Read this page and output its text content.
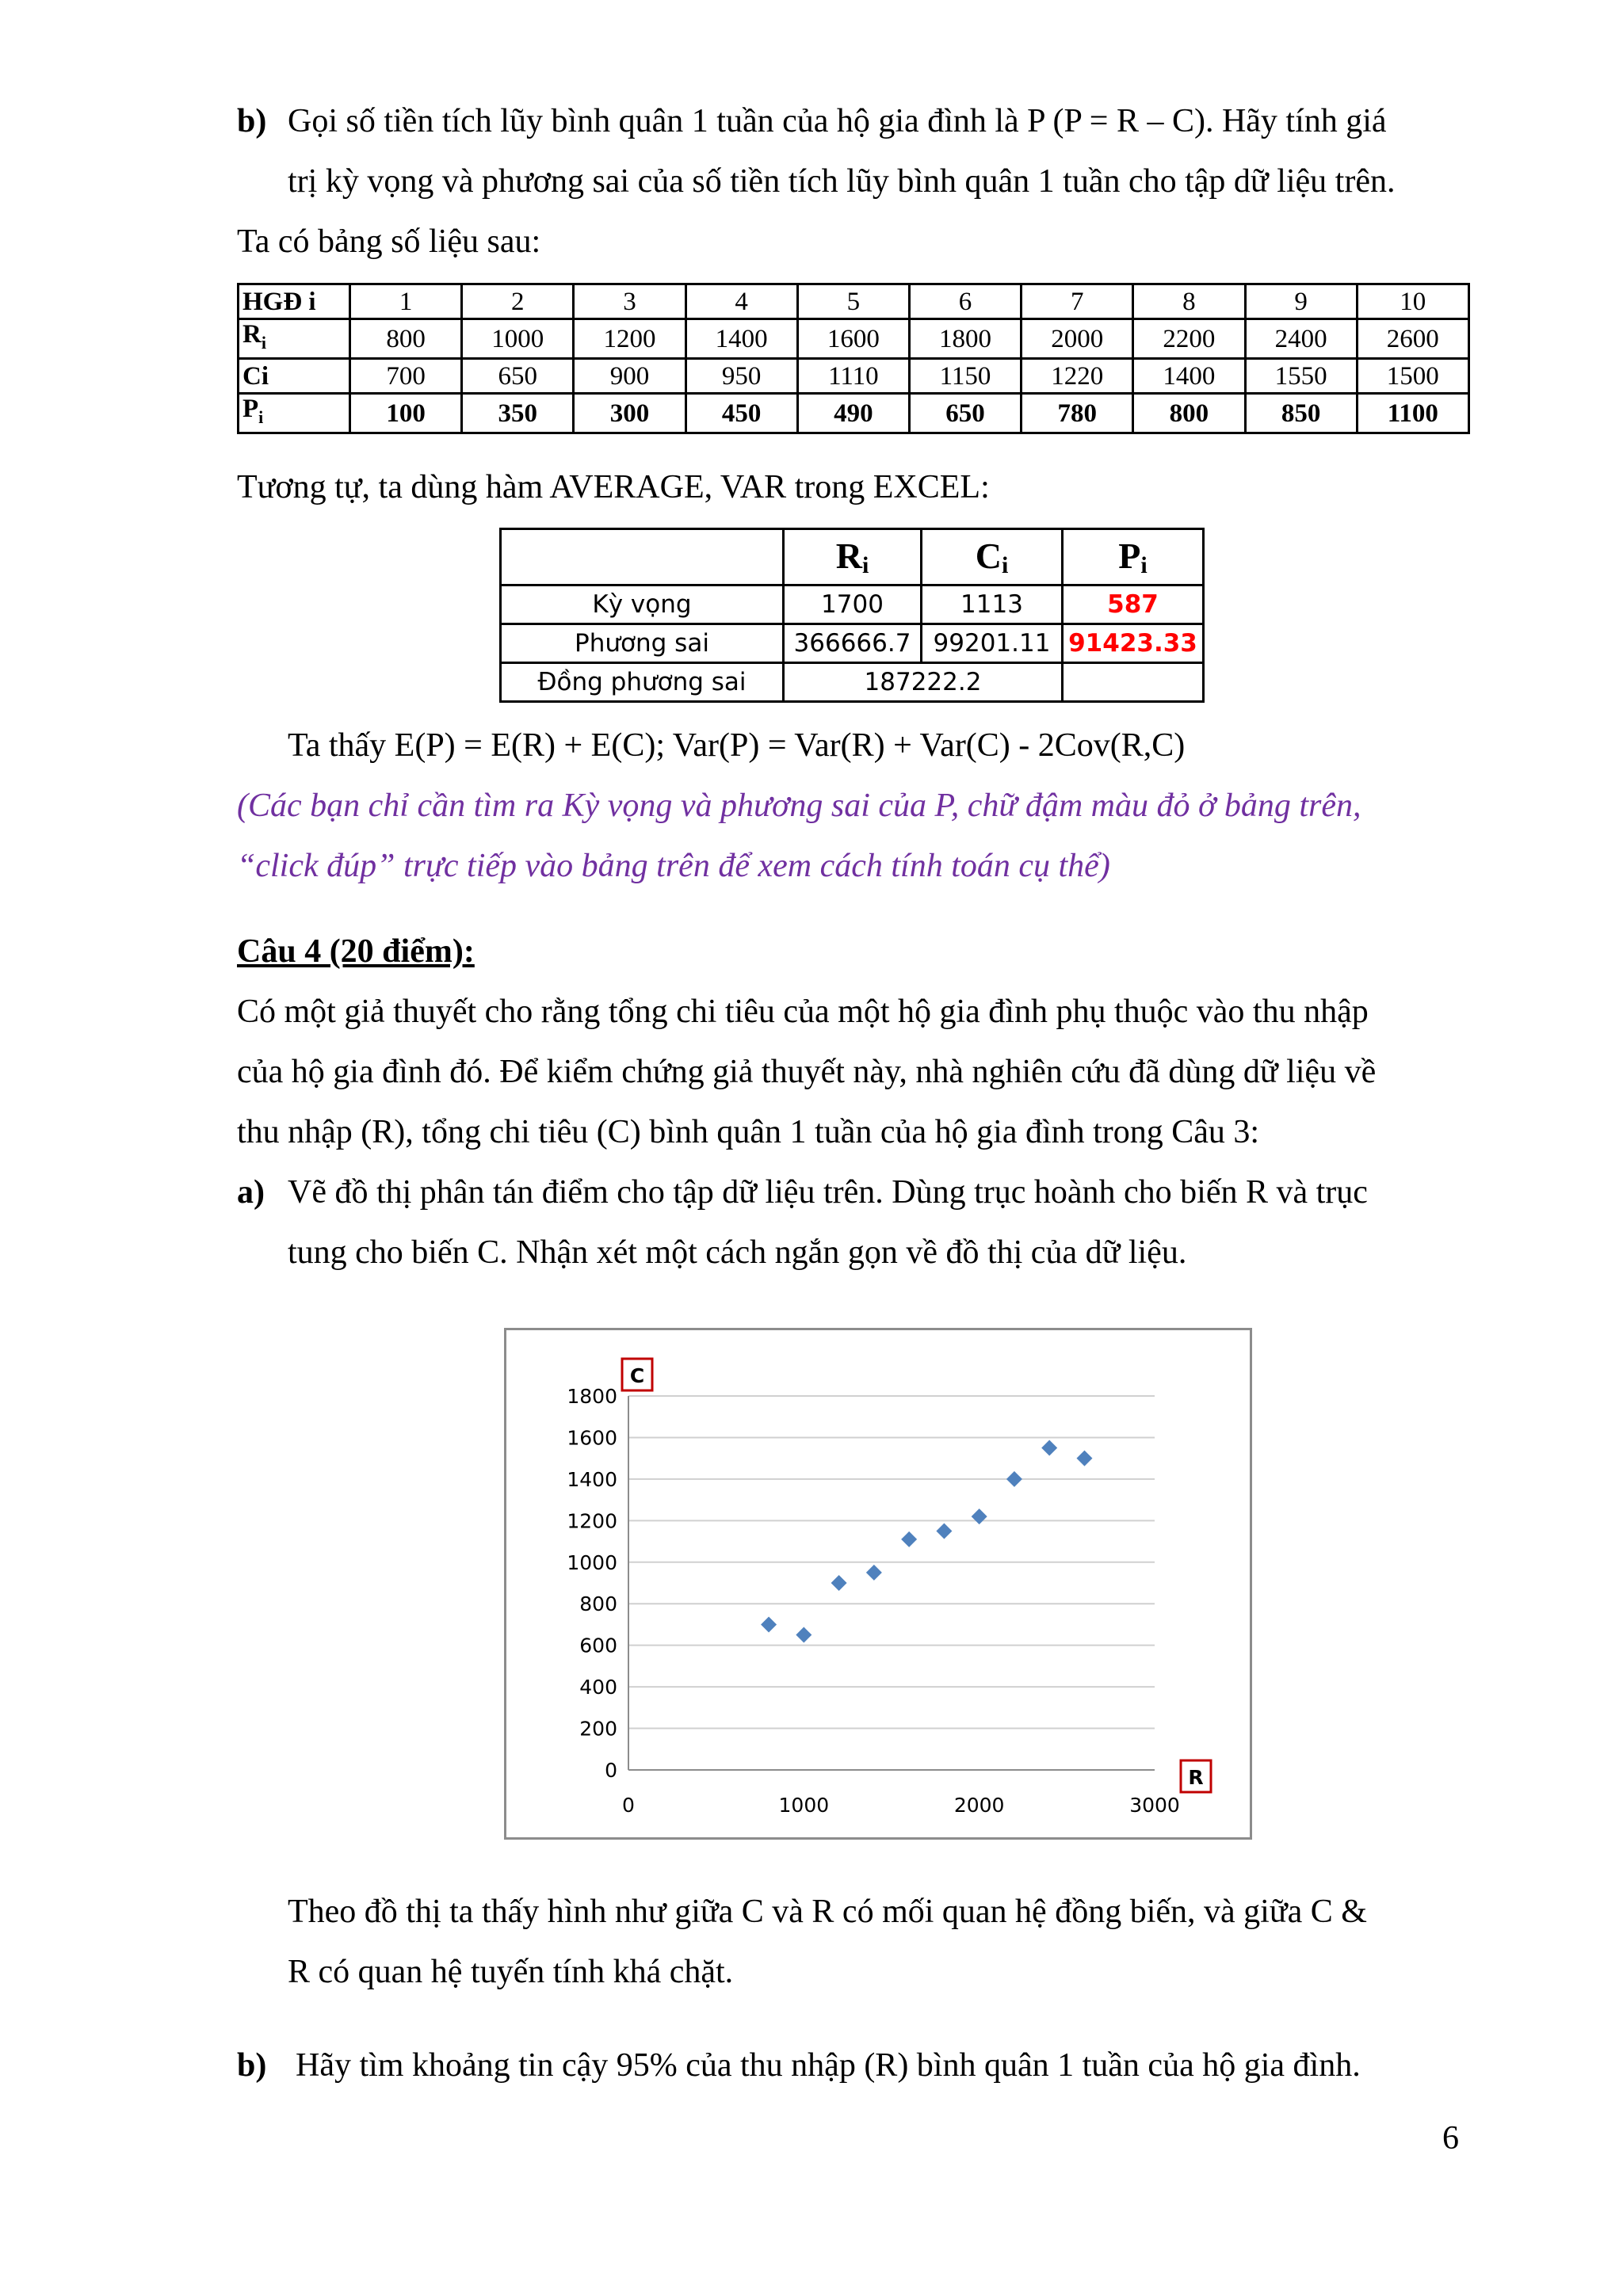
b) Gọi số tiền tích lũy bình quân 1 tuần của hộ gia đình là P (P = R – C). Hãy tính giá
trị kỳ vọng và phương sai của số tiền tích lũy bình quân 1 tuần cho tập dữ liệu trên.
Ta có bảng số liệu sau:
HGĐ i	1	2	3	4	5	6	7	8	9	10
$R_i$	800	1000	1200	1400	1600	1800	2000	2200	2400	2600
Ci	700	650	900	950	1110	1150	1220	1400	1550	1500
$P_i$	100	350	300	450	490	650	780	800	850	1100
Tương tự, ta dùng hàm AVERAGE, VAR trong EXCEL:
	Ri	Ci	Pi
Kỳ vọng	1700	1113	587
Phương sai	366666.7	99201.11	91423.33
Đồng phương sai	187222.2		
Ta thấy E(P) = E(R) + E(C); Var(P) = Var(R) + Var(C) - 2Cov(R,C)
(Các bạn chỉ cần tìm ra Kỳ vọng và phương sai của P, chữ đậm màu đỏ ở bảng trên,
“click đúp” trực tiếp vào bảng trên để xem cách tính toán cụ thể)
Câu 4 (20 điểm):
Có một giả thuyết cho rằng tổng chi tiêu của một hộ gia đình phụ thuộc vào thu nhập
của hộ gia đình đó. Để kiểm chứng giả thuyết này, nhà nghiên cứu đã dùng dữ liệu về
thu nhập (R), tổng chi tiêu (C) bình quân 1 tuần của hộ gia đình trong Câu 3:
a) Vẽ đồ thị phân tán điểm cho tập dữ liệu trên. Dùng trục hoành cho biến R và trục
tung cho biến C. Nhận xét một cách ngắn gọn về đồ thị của dữ liệu.
C
R
0
200
400
600
800
1000
1200
1400
1600
1800
0	1000	2000	3000
Theo đồ thị ta thấy hình như giữa C và R có mối quan hệ đồng biến, và giữa C &
R có quan hệ tuyến tính khá chặt.
b) Hãy tìm khoảng tin cậy 95% của thu nhập (R) bình quân 1 tuần của hộ gia đình.
6
